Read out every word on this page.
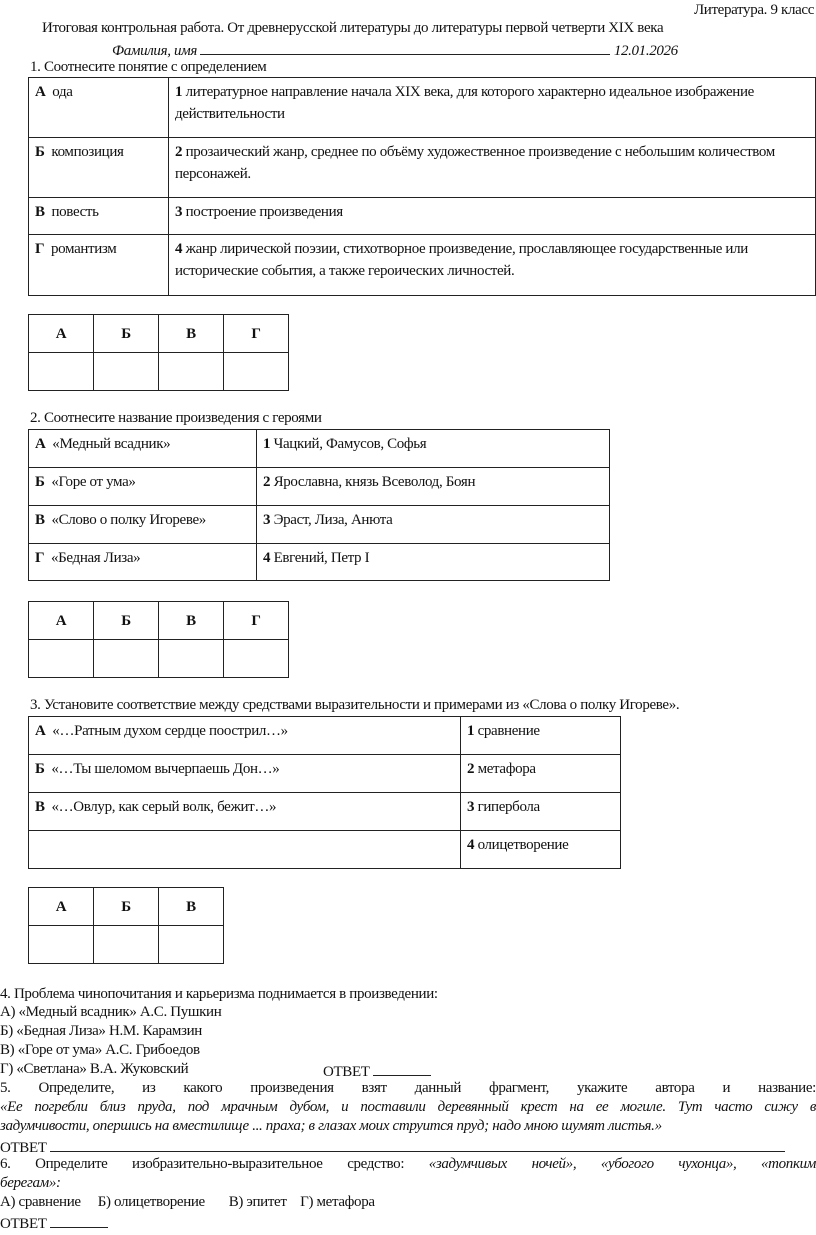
Литература. 9 класс
Итоговая контрольная работа. От древнерусской литературы до литературы первой четверти XIX века
Фамилия, имя	12.01.2026
1. Соотнесите понятие с определением
А ода	1 литературное направление начала XIX века, для которого характерно идеальное изображение действительности
Б композиция	2 прозаический жанр, среднее по объёму художественное произведение с небольшим количеством персонажей.
В повесть	3 построение произведения
Г романтизм	4 жанр лирической поэзии, стихотворное произведение, прославляющее государственные или исторические события, а также героических личностей.
А	Б	В	Г

2. Соотнесите название произведения с героями
А «Медный всадник»	1 Чацкий, Фамусов, Софья
Б «Горе от ума»	2 Ярославна, князь Всеволод, Боян
В «Слово о полку Игореве»	3 Эраст, Лиза, Анюта
Г «Бедная Лиза»	4 Евгений, Петр I
А	Б	В	Г

3. Установите соответствие между средствами выразительности и примерами из «Слова о полку Игореве».
А «…Ратным духом сердце поострил…»	1 сравнение
Б «…Ты шеломом вычерпаешь Дон…»	2 метафора
В  «…Овлур, как серый волк, бежит…»	3 гипербола
	4 олицетворение
А	Б	В

4. Проблема чинопочитания и карьеризма поднимается в произведении:
А) «Медный всадник» А.С. Пушкин
Б) «Бедная Лиза» Н.М. Карамзин
В) «Горе от ума» А.С. Грибоедов
Г) «Светлана» В.А. Жуковский	ОТВЕТ
5. Определите, из какого произведения взят данный фрагмент, укажите автора и название:
«Ее погребли близ пруда, под мрачным дубом, и поставили деревянный крест на ее могиле. Тут часто сижу в
задумчивости, опершись на вместилище ... праха; в глазах моих струится пруд; надо мною шумят листья.»
ОТВЕТ
6. Определите изобразительно-выразительное средство: «задумчивых ночей», «убогого чухонца», «топким
берегам»:
А) сравнение Б) олицетворение В) эпитет Г) метафора
ОТВЕТ
